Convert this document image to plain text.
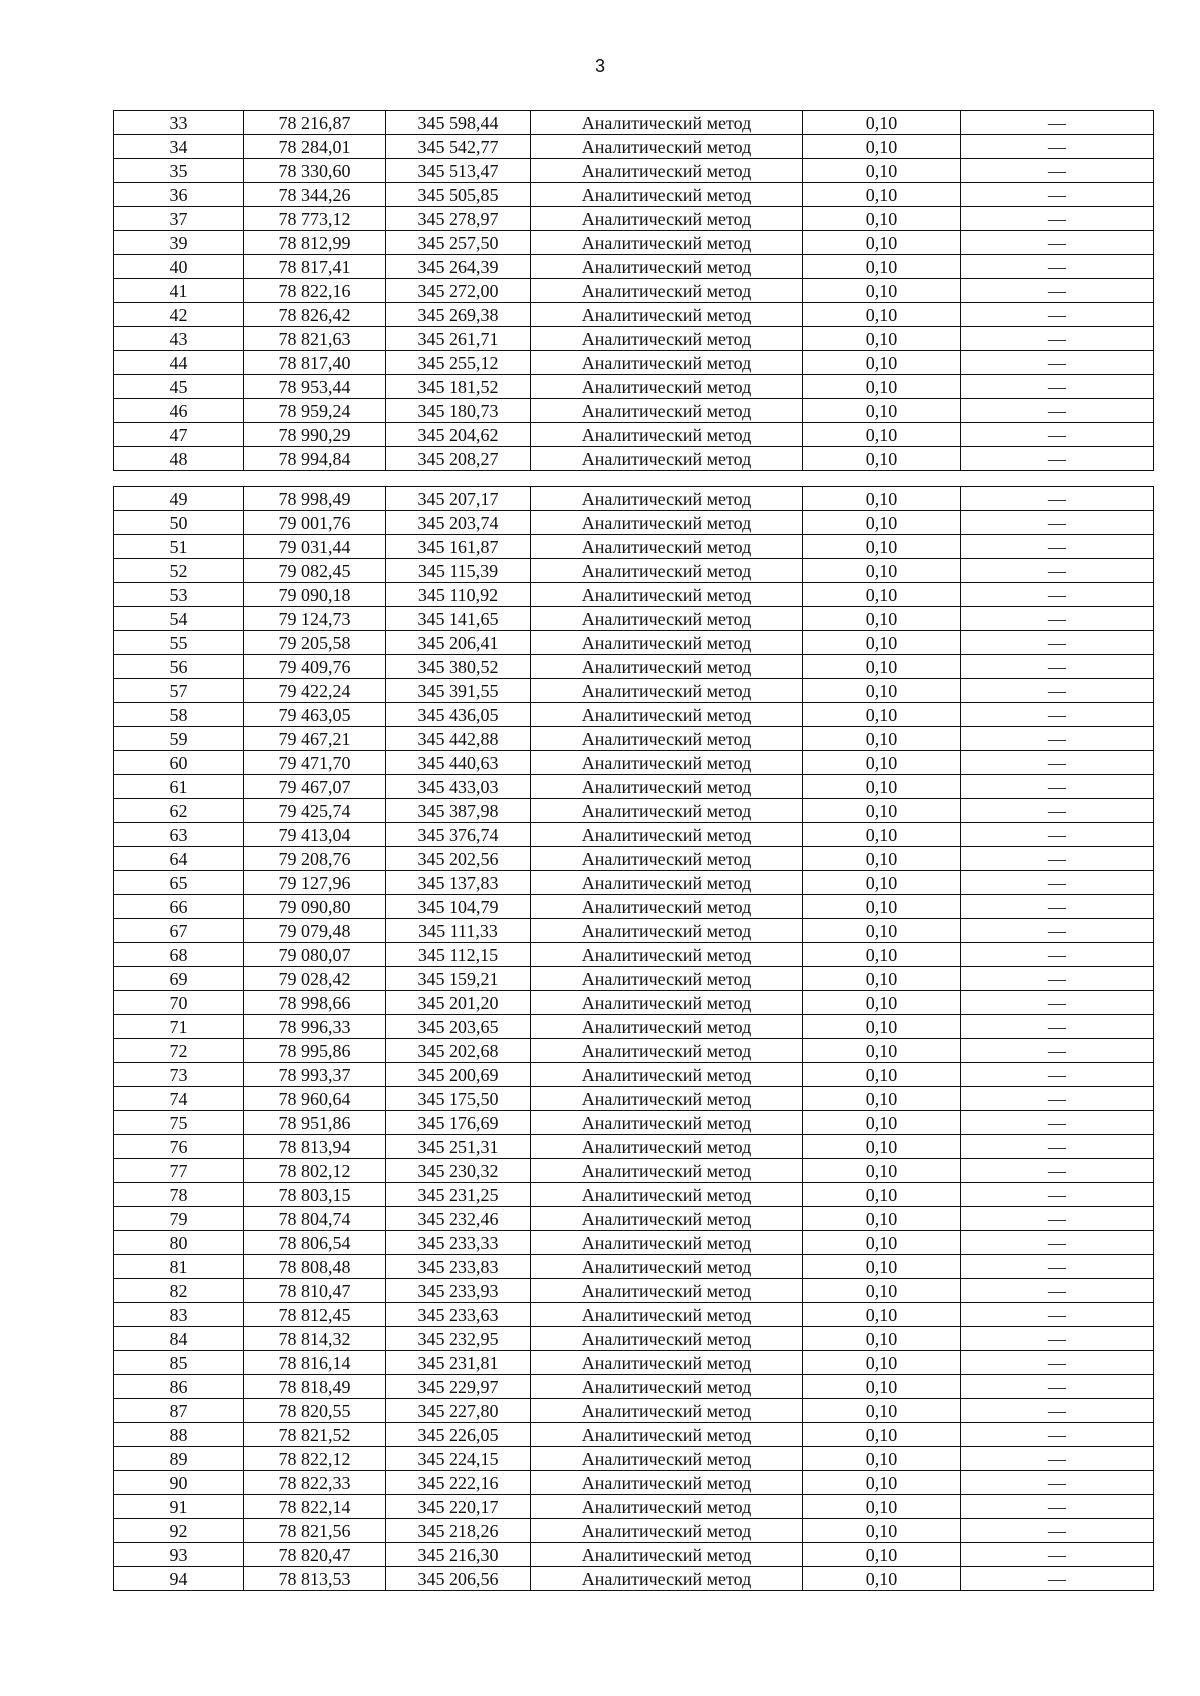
3
33	78 216,87	345 598,44	Аналитический метод	0,10	—
34	78 284,01	345 542,77	Аналитический метод	0,10	—
35	78 330,60	345 513,47	Аналитический метод	0,10	—
36	78 344,26	345 505,85	Аналитический метод	0,10	—
37	78 773,12	345 278,97	Аналитический метод	0,10	—
39	78 812,99	345 257,50	Аналитический метод	0,10	—
40	78 817,41	345 264,39	Аналитический метод	0,10	—
41	78 822,16	345 272,00	Аналитический метод	0,10	—
42	78 826,42	345 269,38	Аналитический метод	0,10	—
43	78 821,63	345 261,71	Аналитический метод	0,10	—
44	78 817,40	345 255,12	Аналитический метод	0,10	—
45	78 953,44	345 181,52	Аналитический метод	0,10	—
46	78 959,24	345 180,73	Аналитический метод	0,10	—
47	78 990,29	345 204,62	Аналитический метод	0,10	—
48	78 994,84	345 208,27	Аналитический метод	0,10	—
49	78 998,49	345 207,17	Аналитический метод	0,10	—
50	79 001,76	345 203,74	Аналитический метод	0,10	—
51	79 031,44	345 161,87	Аналитический метод	0,10	—
52	79 082,45	345 115,39	Аналитический метод	0,10	—
53	79 090,18	345 110,92	Аналитический метод	0,10	—
54	79 124,73	345 141,65	Аналитический метод	0,10	—
55	79 205,58	345 206,41	Аналитический метод	0,10	—
56	79 409,76	345 380,52	Аналитический метод	0,10	—
57	79 422,24	345 391,55	Аналитический метод	0,10	—
58	79 463,05	345 436,05	Аналитический метод	0,10	—
59	79 467,21	345 442,88	Аналитический метод	0,10	—
60	79 471,70	345 440,63	Аналитический метод	0,10	—
61	79 467,07	345 433,03	Аналитический метод	0,10	—
62	79 425,74	345 387,98	Аналитический метод	0,10	—
63	79 413,04	345 376,74	Аналитический метод	0,10	—
64	79 208,76	345 202,56	Аналитический метод	0,10	—
65	79 127,96	345 137,83	Аналитический метод	0,10	—
66	79 090,80	345 104,79	Аналитический метод	0,10	—
67	79 079,48	345 111,33	Аналитический метод	0,10	—
68	79 080,07	345 112,15	Аналитический метод	0,10	—
69	79 028,42	345 159,21	Аналитический метод	0,10	—
70	78 998,66	345 201,20	Аналитический метод	0,10	—
71	78 996,33	345 203,65	Аналитический метод	0,10	—
72	78 995,86	345 202,68	Аналитический метод	0,10	—
73	78 993,37	345 200,69	Аналитический метод	0,10	—
74	78 960,64	345 175,50	Аналитический метод	0,10	—
75	78 951,86	345 176,69	Аналитический метод	0,10	—
76	78 813,94	345 251,31	Аналитический метод	0,10	—
77	78 802,12	345 230,32	Аналитический метод	0,10	—
78	78 803,15	345 231,25	Аналитический метод	0,10	—
79	78 804,74	345 232,46	Аналитический метод	0,10	—
80	78 806,54	345 233,33	Аналитический метод	0,10	—
81	78 808,48	345 233,83	Аналитический метод	0,10	—
82	78 810,47	345 233,93	Аналитический метод	0,10	—
83	78 812,45	345 233,63	Аналитический метод	0,10	—
84	78 814,32	345 232,95	Аналитический метод	0,10	—
85	78 816,14	345 231,81	Аналитический метод	0,10	—
86	78 818,49	345 229,97	Аналитический метод	0,10	—
87	78 820,55	345 227,80	Аналитический метод	0,10	—
88	78 821,52	345 226,05	Аналитический метод	0,10	—
89	78 822,12	345 224,15	Аналитический метод	0,10	—
90	78 822,33	345 222,16	Аналитический метод	0,10	—
91	78 822,14	345 220,17	Аналитический метод	0,10	—
92	78 821,56	345 218,26	Аналитический метод	0,10	—
93	78 820,47	345 216,30	Аналитический метод	0,10	—
94	78 813,53	345 206,56	Аналитический метод	0,10	—
